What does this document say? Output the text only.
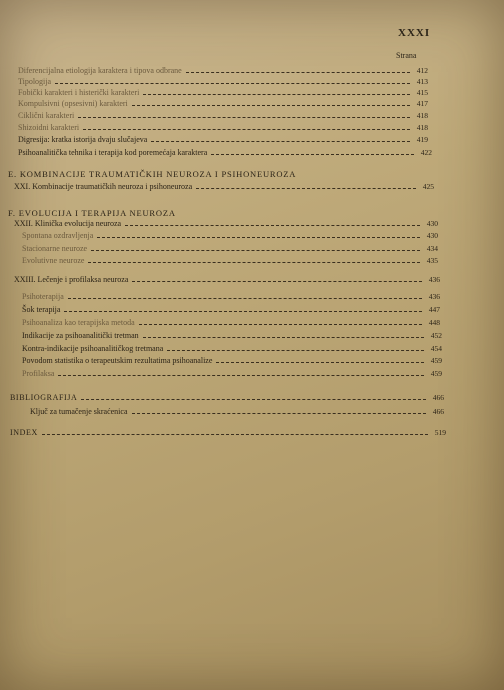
XXXI
Strana
Diferencijalna etiologija karaktera i tipova odbrane	412
Tipologija	413
Fobički karakteri i histerički karakteri	415
Kompulsivni (opsesivni) karakteri	417
Ciklični karakteri	418
Shizoidni karakteri	418
Digresija: kratka istorija dvaju slučajeva	419
Psihoanalitička tehnika i terapija kod poremećaja karaktera	422
E. KOMBINACIJE TRAUMATIČKIH NEUROZA I PSIHONEUROZA
XXI. Kombinacije traumatičkih neuroza i psihoneuroza	425
F. EVOLUCIJA I TERAPIJA NEUROZA
XXII. Klinička evolucija neuroza	430
Spontana ozdravljenja	430
Stacionarne neuroze	434
Evolutivne neuroze	435
XXIII. Lečenje i profilaksa neuroza	436
Psihoterapija	436
Šok terapija	447
Psihoanaliza kao terapijska metoda	448
Indikacije za psihoanalitički tretman	452
Kontra-indikacije psihoanalitičkog tretmana	454
Povodom statistika o terapeutskim rezultatima psihoanalize	459
Profilaksa	459
BIBLIOGRAFIJA	466
Ključ za tumačenje skraćenica	466
INDEX	519
